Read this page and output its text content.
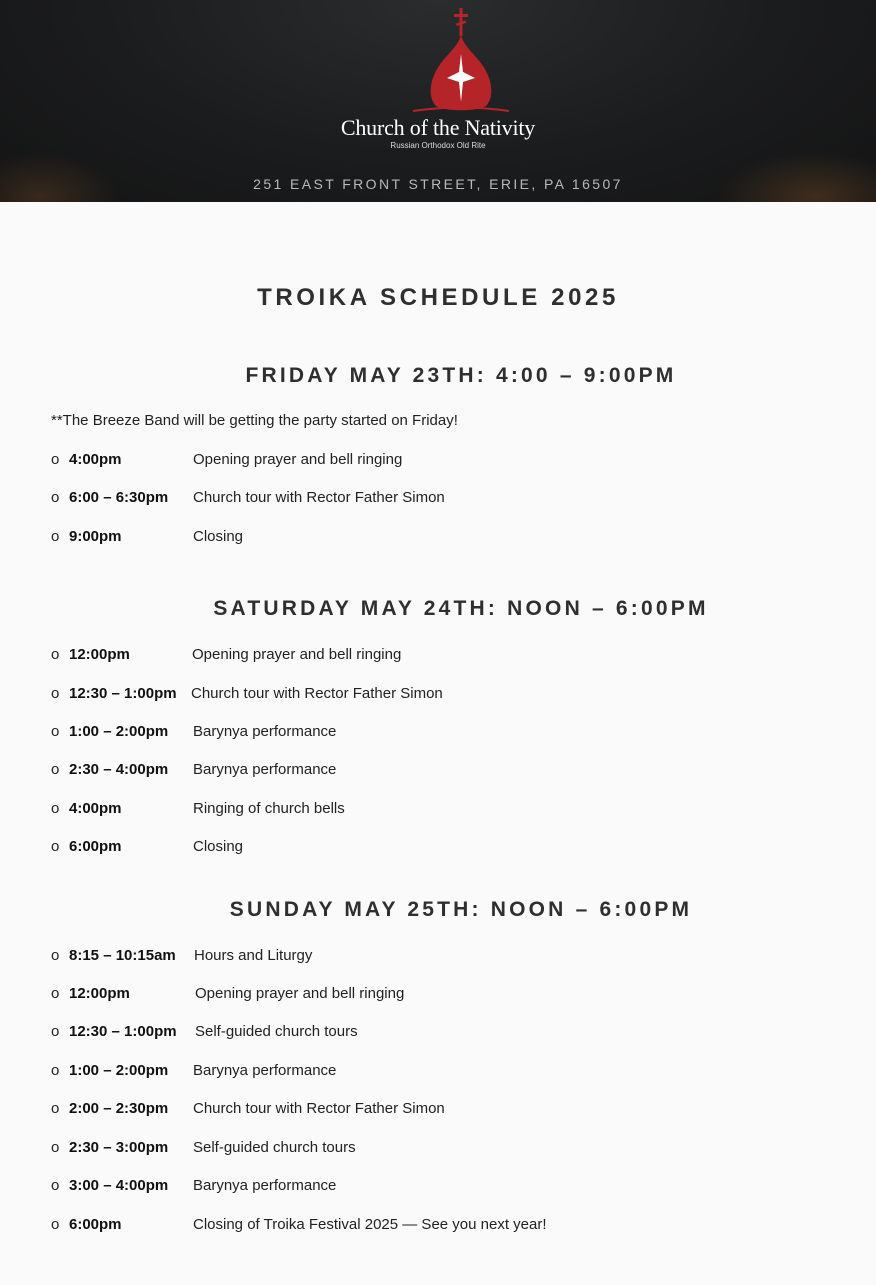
Church of the Nativity
Russian Orthodox Old Rite
251 EAST FRONT STREET, ERIE, PA 16507
TROIKA SCHEDULE 2025
FRIDAY MAY 23TH: 4:00 – 9:00PM
**The Breeze Band will be getting the party started on Friday!
o 4:00pm	Opening prayer and bell ringing
o 6:00 – 6:30pm Church tour with Rector Father Simon
o 9:00pm	Closing
SATURDAY MAY 24TH: NOON – 6:00PM
o 12:00pm	Opening prayer and bell ringing
o 12:30 – 1:00pm Church tour with Rector Father Simon
o 1:00 – 2:00pm Barynya performance
o 2:30 – 4:00pm Barynya performance
o 4:00pm	Ringing of church bells
o 6:00pm	Closing
SUNDAY MAY 25TH: NOON – 6:00PM
o 8:15 – 10:15am Hours and Liturgy
o 12:00pm	Opening prayer and bell ringing
o 12:30 – 1:00pm Self-guided church tours
o 1:00 – 2:00pm Barynya performance
o 2:00 – 2:30pm Church tour with Rector Father Simon
o 2:30 – 3:00pm Self-guided church tours
o 3:00 – 4:00pm Barynya performance
o 6:00pm	Closing of Troika Festival 2025 — See you next year!
